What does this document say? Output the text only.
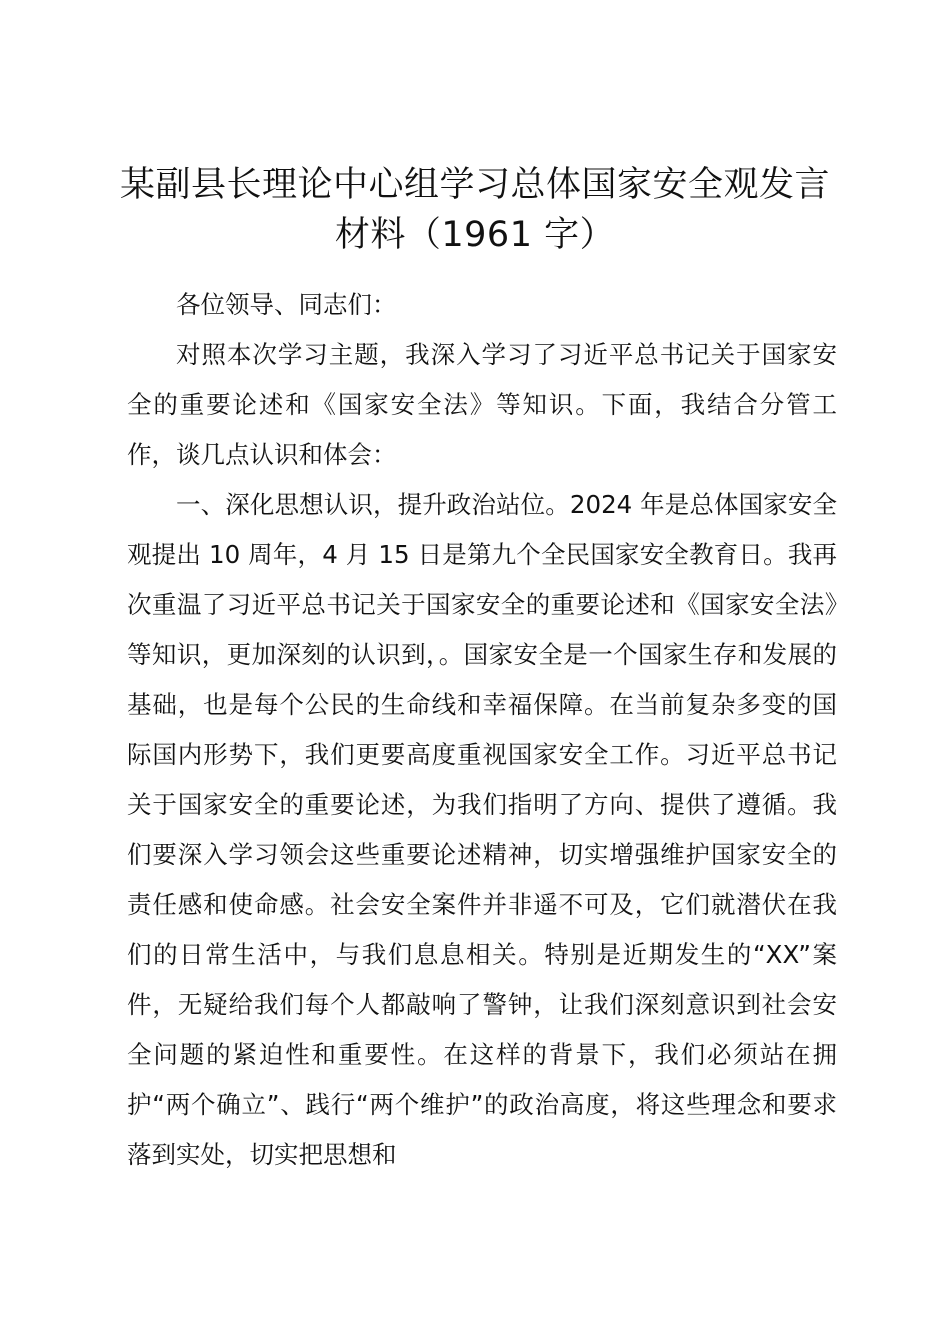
某副县长理论中心组学习总体国家安全观发言
材料（1961 字）

各位领导、同志们：

对照本次学习主题，我深入学习了习近平总书记关于国家安全的重要论述和《国家安全法》等知识。下面，我结合分管工作，谈几点认识和体会：

一、深化思想认识，提升政治站位。2024 年是总体国家安全观提出 10 周年，4 月 15 日是第九个全民国家安全教育日。我再次重温了习近平总书记关于国家安全的重要论述和《国家安全法》等知识，更加深刻的认识到，。国家安全是一个国家生存和发展的基础，也是每个公民的生命线和幸福保障。在当前复杂多变的国际国内形势下，我们更要高度重视国家安全工作。习近平总书记关于国家安全的重要论述，为我们指明了方向、提供了遵循。我们要深入学习领会这些重要论述精神，切实增强维护国家安全的责任感和使命感。社会安全案件并非遥不可及，它们就潜伏在我们的日常生活中，与我们息息相关。特别是近期发生的“XX”案件，无疑给我们每个人都敲响了警钟，让我们深刻意识到社会安全问题的紧迫性和重要性。在这样的背景下，我们必须站在拥护“两个确立”、践行“两个维护”的政治高度，将这些理念和要求落到实处，切实把思想和
